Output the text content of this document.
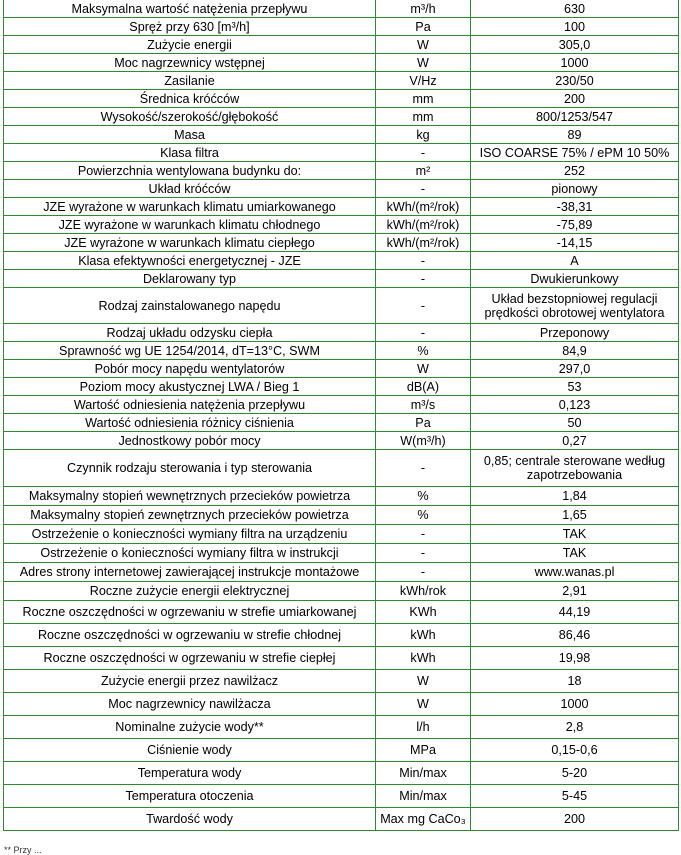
Maksymalna wartość natężenia przepływu	m³/h	630
Spręż przy 630 [m³/h]	Pa	100
Zużycie energii	W	305,0
Moc nagrzewnicy wstępnej	W	1000
Zasilanie	V/Hz	230/50
Średnica króćców	mm	200
Wysokość/szerokość/głębokość	mm	800/1253/547
Masa	kg	89
Klasa filtra	-	ISO COARSE 75% / ePM 10 50%
Powierzchnia wentylowana budynku do:	m²	252
Układ króćców	-	pionowy
JZE wyrażone w warunkach klimatu umiarkowanego	kWh/(m²/rok)	-38,31
JZE wyrażone w warunkach klimatu chłodnego	kWh/(m²/rok)	-75,89
JZE wyrażone w warunkach klimatu ciepłego	kWh/(m²/rok)	-14,15
Klasa efektywności energetycznej - JZE	-	A
Deklarowany typ	-	Dwukierunkowy
Rodzaj zainstalowanego napędu	-	Układ bezstopniowej regulacji prędkości obrotowej wentylatora
Rodzaj układu odzysku ciepła	-	Przeponowy
Sprawność wg UE 1254/2014, dT=13°C, SWM	%	84,9
Pobór mocy napędu wentylatorów	W	297,0
Poziom mocy akustycznej LWA / Bieg 1	dB(A)	53
Wartość odniesienia natężenia przepływu	m³/s	0,123
Wartość odniesienia różnicy ciśnienia	Pa	50
Jednostkowy pobór mocy	W(m³/h)	0,27
Czynnik rodzaju sterowania i typ sterowania	-	0,85; centrale sterowane według zapotrzebowania
Maksymalny stopień wewnętrznych przecieków powietrza	%	1,84
Maksymalny stopień zewnętrznych przecieków powietrza	%	1,65
Ostrzeżenie o konieczności wymiany filtra na urządzeniu	-	TAK
Ostrzeżenie o konieczności wymiany filtra w instrukcji	-	TAK
Adres strony internetowej zawierającej instrukcje montażowe	-	www.wanas.pl
Roczne zużycie energii elektrycznej	kWh/rok	2,91
Roczne oszczędności w ogrzewaniu w strefie umiarkowanej	KWh	44,19
Roczne oszczędności w ogrzewaniu w strefie chłodnej	kWh	86,46
Roczne oszczędności w ogrzewaniu w strefie ciepłej	kWh	19,98
Zużycie energii przez nawilżacz	W	18
Moc nagrzewnicy nawilżacza	W	1000
Nominalne zużycie wody**	l/h	2,8
Ciśnienie wody	MPa	0,15-0,6
Temperatura wody	Min/max	5-20
Temperatura otoczenia	Min/max	5-45
Twardość wody	Max mg CaCo₃	200
** Przy ...
